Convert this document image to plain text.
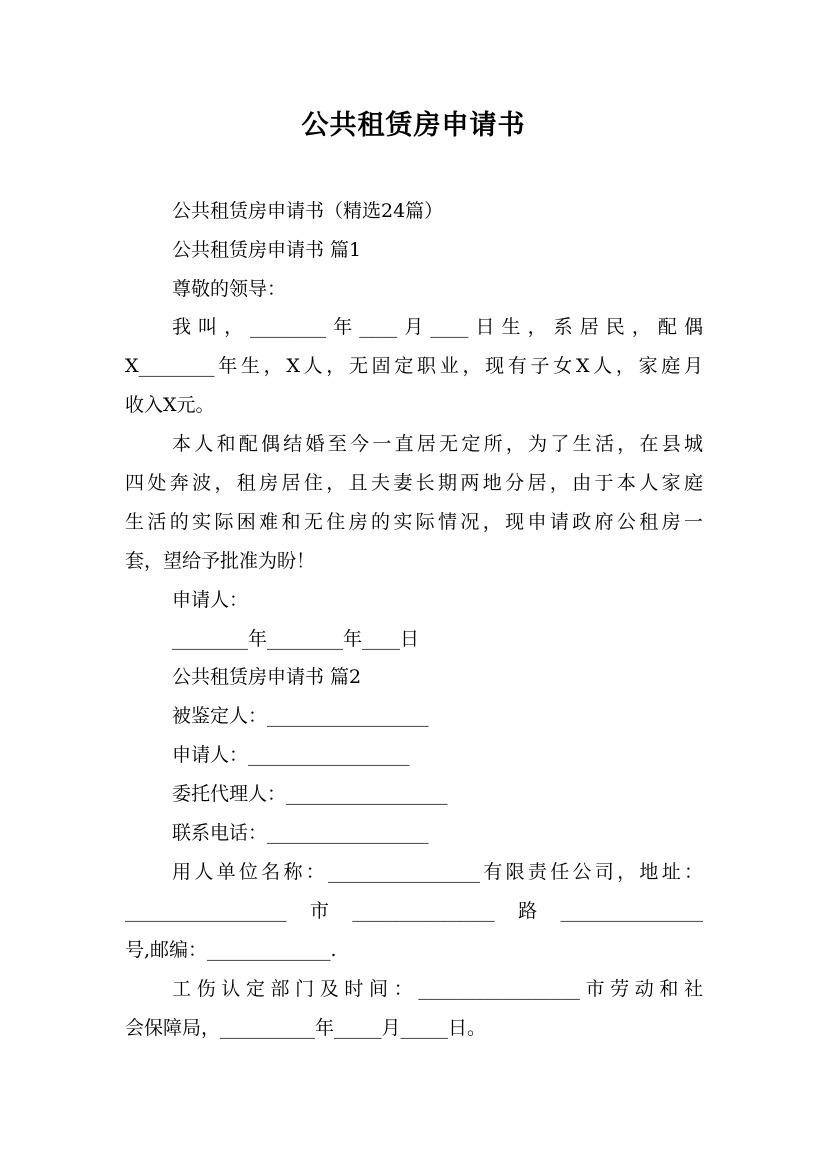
公共租赁房申请书

公共租赁房申请书（精选24篇）

公共租赁房申请书 篇1

尊敬的领导：

我叫，________年____月____日生，系居民，配偶

X________年生，X人，无固定职业，现有子女X人，家庭月

收入X元。

本人和配偶结婚至今一直居无定所，为了生活，在县城

四处奔波，租房居住，且夫妻长期两地分居，由于本人家庭

生活的实际困难和无住房的实际情况，现申请政府公租房一

套，望给予批准为盼！

申请人：

________年________年____日

公共租赁房申请书 篇2

被鉴定人：_________________

申请人：_________________

委托代理人：_________________

联系电话：_________________

用人单位名称：________________有限责任公司，地址：

_________________市_______________路_______________

号,邮编：_____________.

工伤认定部门及时间：_________________市劳动和社

会保障局，__________年_____月_____日。
